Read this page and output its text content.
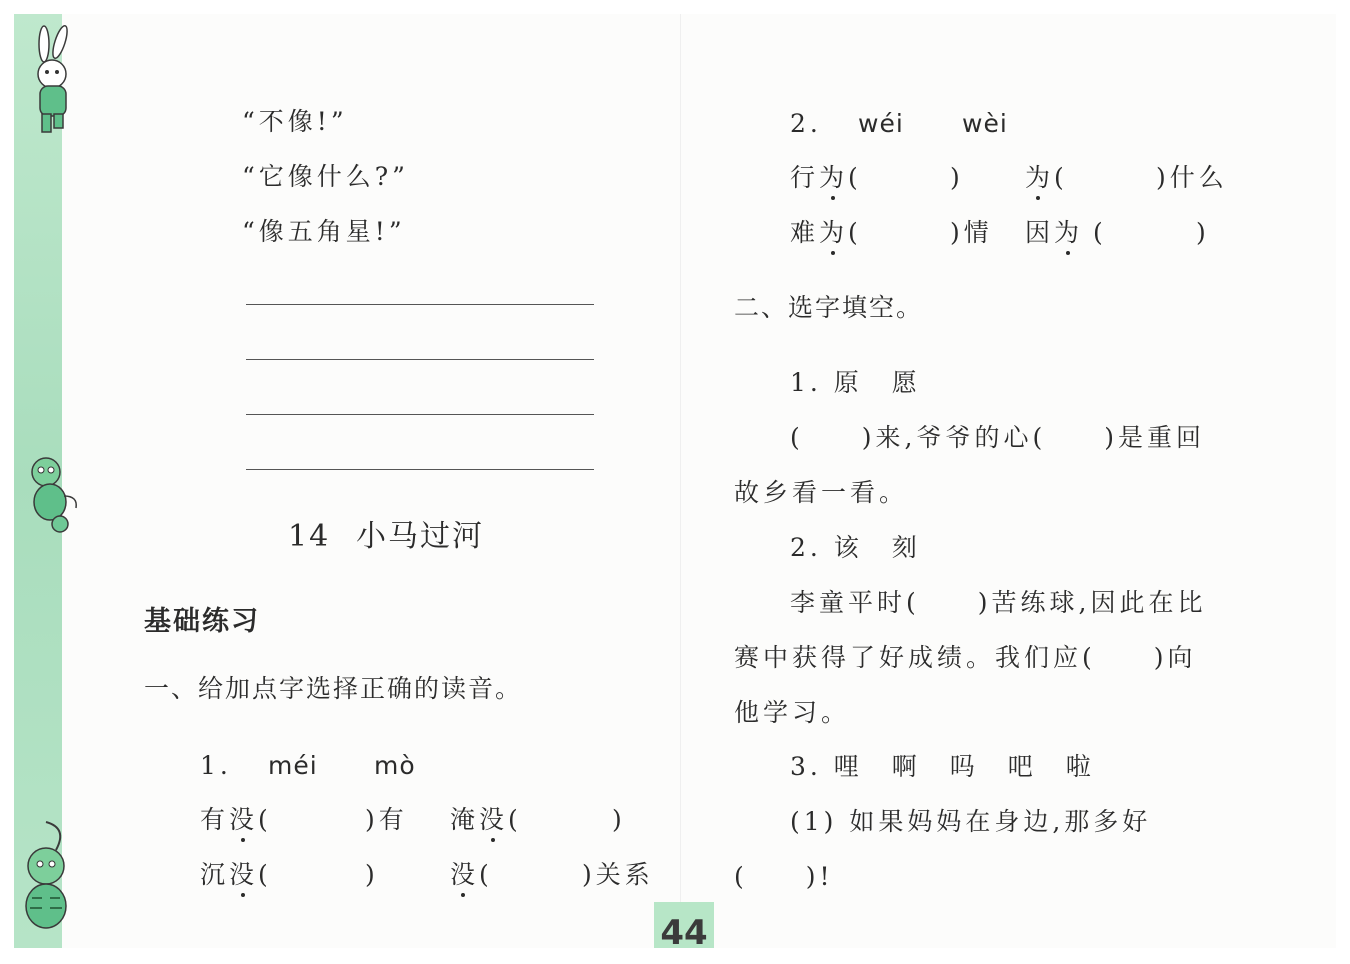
“不像!”
“它像什么?”
“像五角星!”
14 小马过河
基础练习
一、给加点字选择正确的读音。
1. méi mò
有没(	)有 淹没(	)
沉没(	)	没(	)关系
2. wéi wèi
行为(	) 为(	)什么
难为(	)情 因为 (	)
二、选字填空。
1. 原　愿
(　　)来,爷爷的心(　　)是重回
故乡看一看。
2. 该　刻
李童平时(　　)苦练球,因此在比
赛中获得了好成绩。我们应(　　)向
他学习。
3. 哩　啊　吗　吧　啦
(1) 如果妈妈在身边,那多好
(　　)!
44
